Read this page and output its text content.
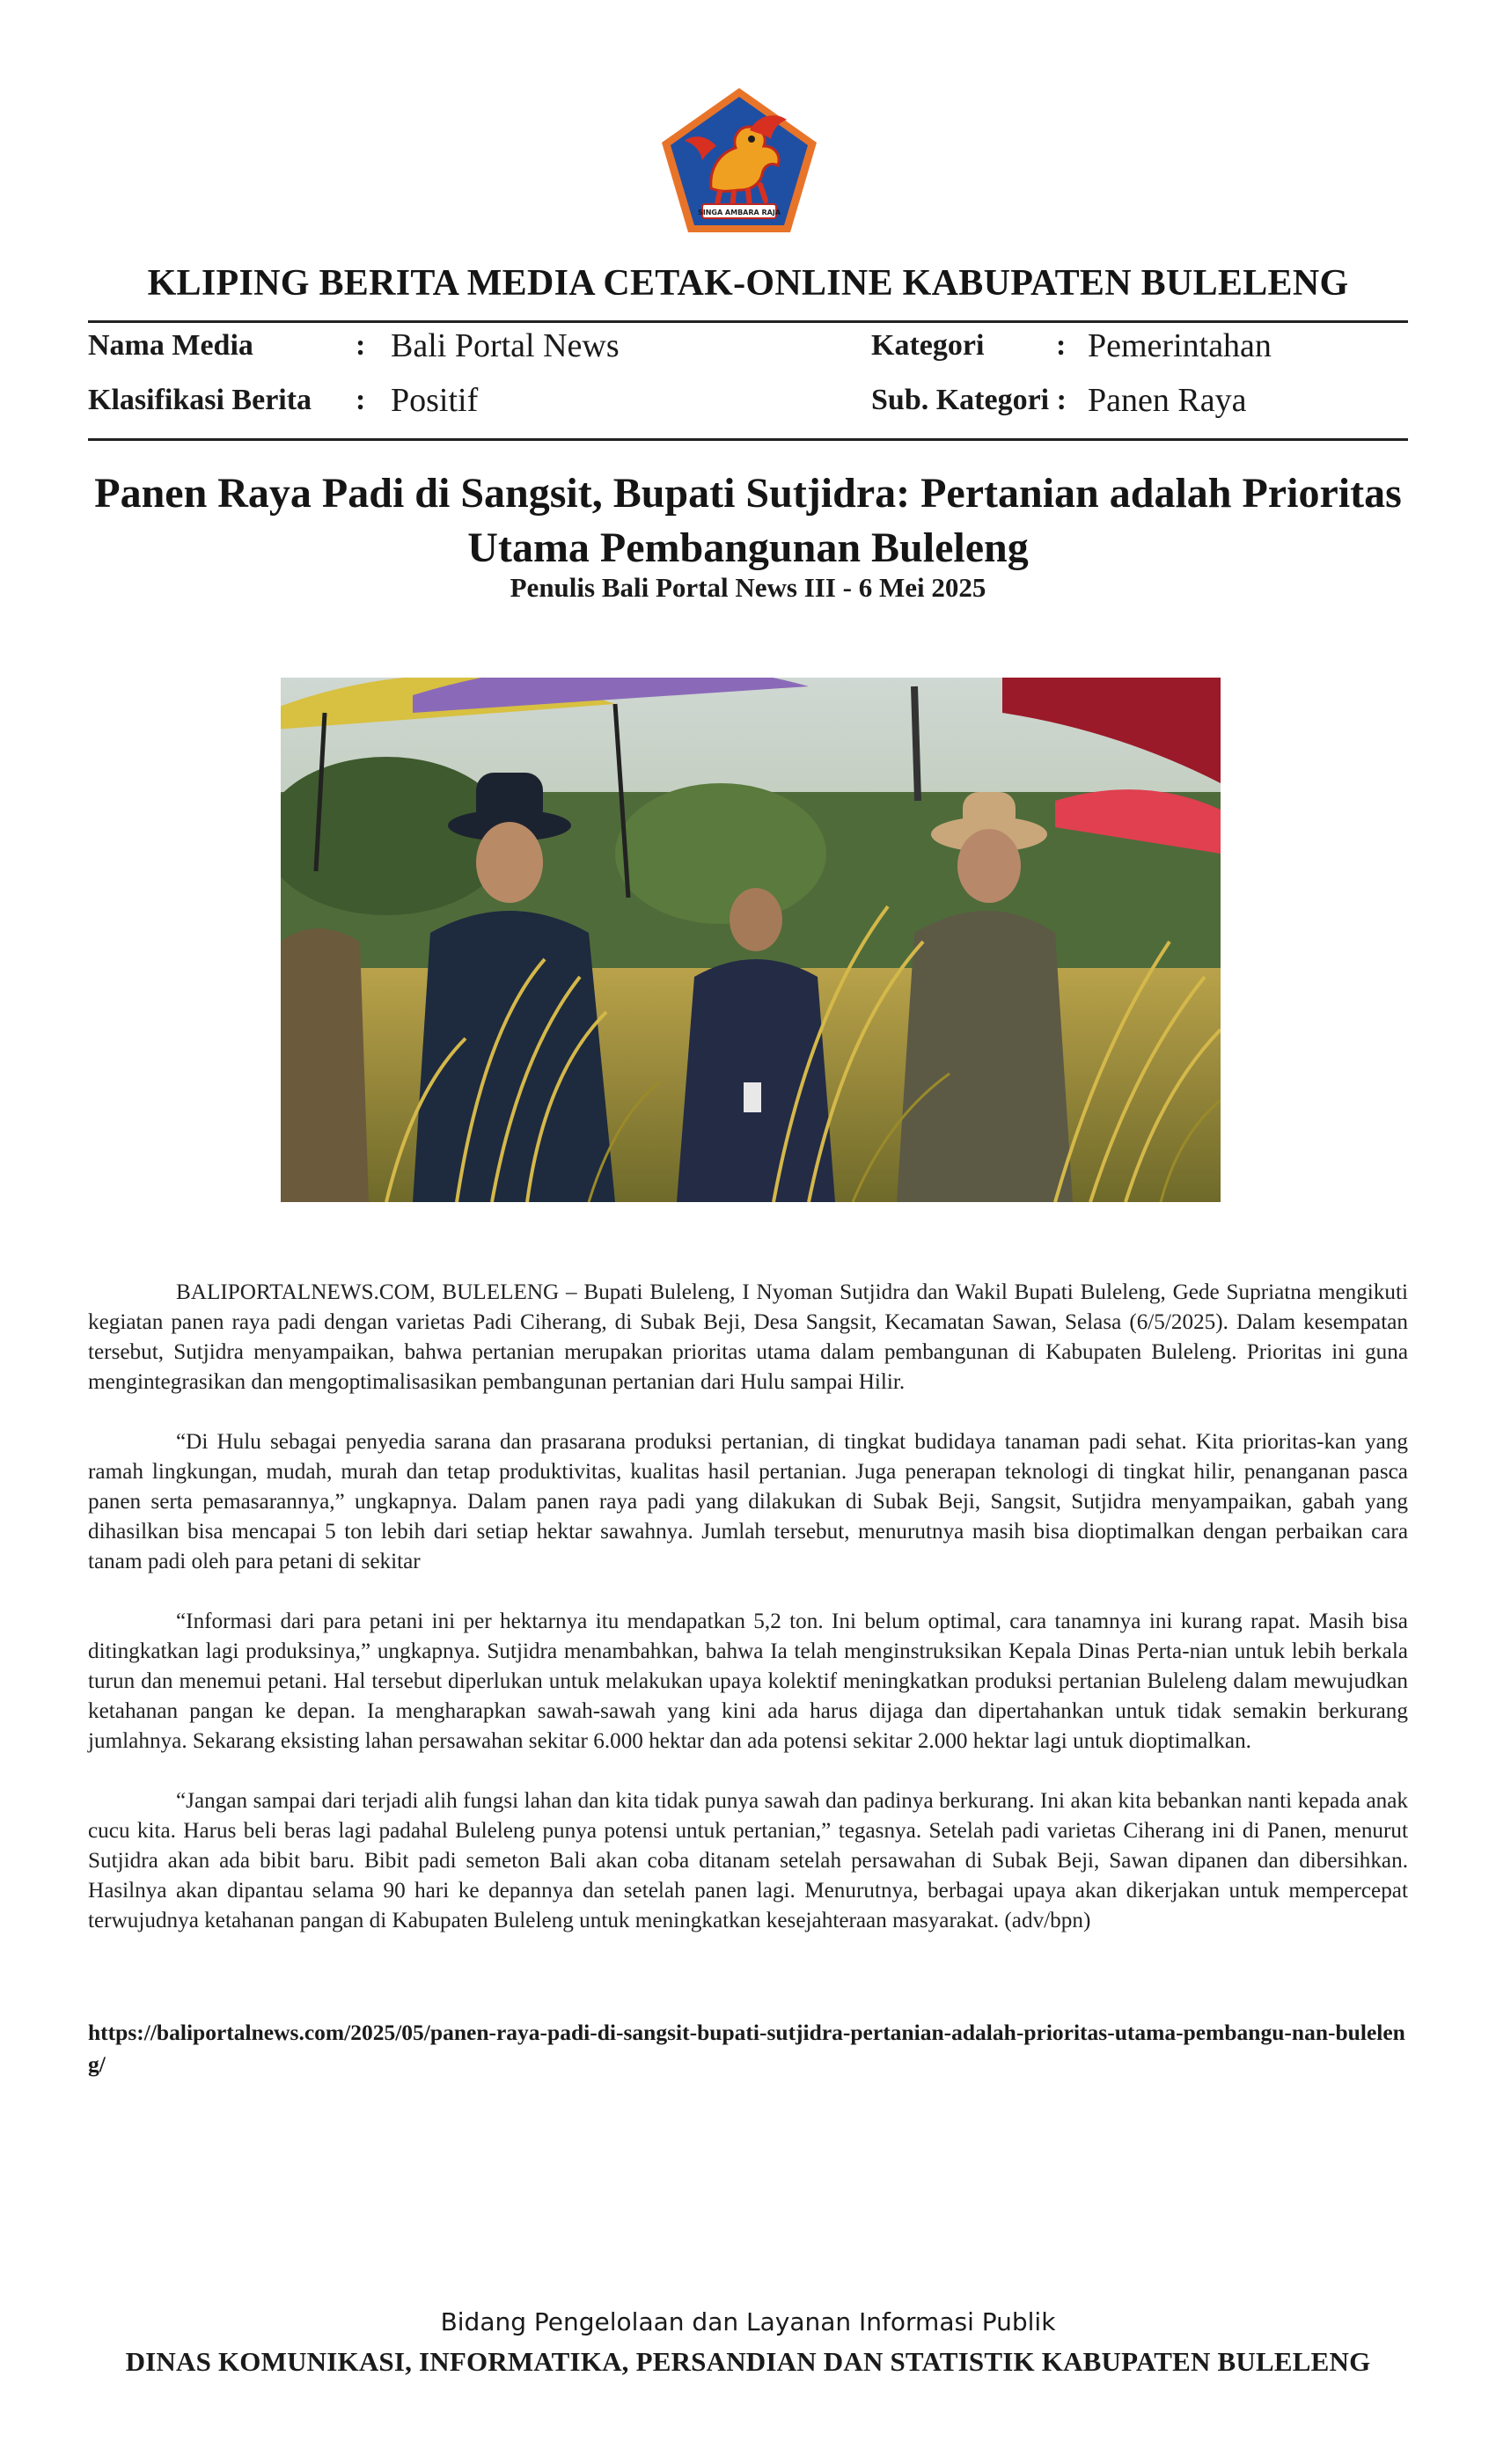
SINGA AMBARA RAJA
KLIPING BERITA MEDIA CETAK-ONLINE KABUPATEN BULELENG
Nama Media	: Bali Portal News	Kategori : Pemerintahan
Klasifikasi Berita : Positif	Sub. Kategori : Panen Raya
Panen Raya Padi di Sangsit, Bupati Sutjidra: Pertanian adalah Prioritas Utama Pembangunan Buleleng
Penulis Bali Portal News III - 6 Mei 2025

BALIPORTALNEWS.COM, BULELENG – Bupati Buleleng, I Nyoman Sutjidra dan Wakil Bupati Buleleng, Gede Supriatna mengikuti kegiatan panen raya padi dengan varietas Padi Ciherang, di Subak Beji, Desa Sangsit, Kecamatan Sawan, Selasa (6/5/2025). Dalam kesempatan tersebut, Sutjidra menyampaikan, bahwa pertanian merupakan prioritas utama dalam pembangunan di Kabupaten Buleleng. Prioritas ini guna mengintegrasikan dan mengoptimalisasikan pembangunan pertanian dari Hulu sampai Hilir.

“Di Hulu sebagai penyedia sarana dan prasarana produksi pertanian, di tingkat budidaya tanaman padi sehat. Kita prioritas-kan yang ramah lingkungan, mudah, murah dan tetap produktivitas, kualitas hasil pertanian. Juga penerapan teknologi di tingkat hilir, penanganan pasca panen serta pemasarannya,” ungkapnya. Dalam panen raya padi yang dilakukan di Subak Beji, Sangsit, Sutjidra menyampaikan, gabah yang dihasilkan bisa mencapai 5 ton lebih dari setiap hektar sawahnya. Jumlah tersebut, menurutnya masih bisa dioptimalkan dengan perbaikan cara tanam padi oleh para petani di sekitar

“Informasi dari para petani ini per hektarnya itu mendapatkan 5,2 ton. Ini belum optimal, cara tanamnya ini kurang rapat. Masih bisa ditingkatkan lagi produksinya,” ungkapnya. Sutjidra menambahkan, bahwa Ia telah menginstruksikan Kepala Dinas Perta-nian untuk lebih berkala turun dan menemui petani. Hal tersebut diperlukan untuk melakukan upaya kolektif meningkatkan produksi pertanian Buleleng dalam mewujudkan ketahanan pangan ke depan. Ia mengharapkan sawah-sawah yang kini ada harus dijaga dan dipertahankan untuk tidak semakin berkurang jumlahnya. Sekarang eksisting lahan persawahan sekitar 6.000 hektar dan ada potensi sekitar 2.000 hektar lagi untuk dioptimalkan.

“Jangan sampai dari terjadi alih fungsi lahan dan kita tidak punya sawah dan padinya berkurang. Ini akan kita bebankan nanti kepada anak cucu kita. Harus beli beras lagi padahal Buleleng punya potensi untuk pertanian,” tegasnya. Setelah padi varietas Ciherang ini di Panen, menurut Sutjidra akan ada bibit baru. Bibit padi semeton Bali akan coba ditanam setelah persawahan di Subak Beji, Sawan dipanen dan dibersihkan. Hasilnya akan dipantau selama 90 hari ke depannya dan setelah panen lagi. Menurutnya, berbagai upaya akan dikerjakan untuk mempercepat terwujudnya ketahanan pangan di Kabupaten Buleleng untuk meningkatkan kesejahteraan masyarakat. (adv/bpn)

https://baliportalnews.com/2025/05/panen-raya-padi-di-sangsit-bupati-sutjidra-pertanian-adalah-prioritas-utama-pembangu-nan-buleleng/
Bidang Pengelolaan dan Layanan Informasi Publik
DINAS KOMUNIKASI, INFORMATIKA, PERSANDIAN DAN STATISTIK KABUPATEN BULELENG
